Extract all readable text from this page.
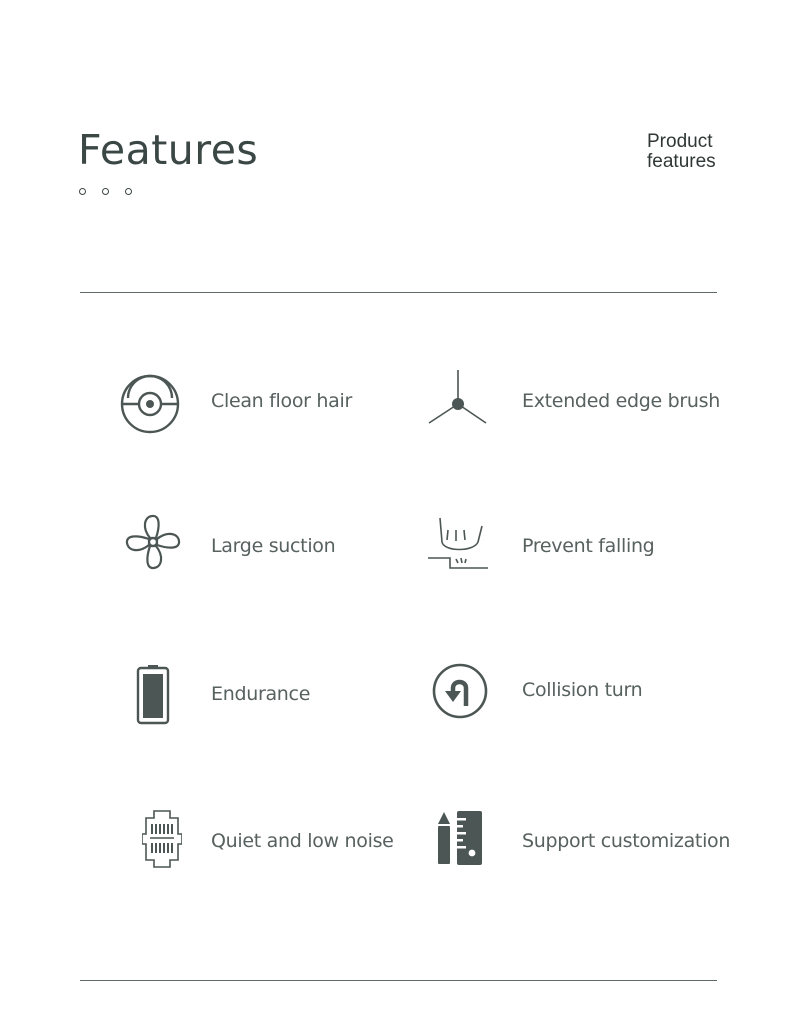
Features	Product
features
Clean floor hair	Extended edge brush
Large suction	Prevent falling
Endurance	Collision turn
Quiet and low noise	Support customization
